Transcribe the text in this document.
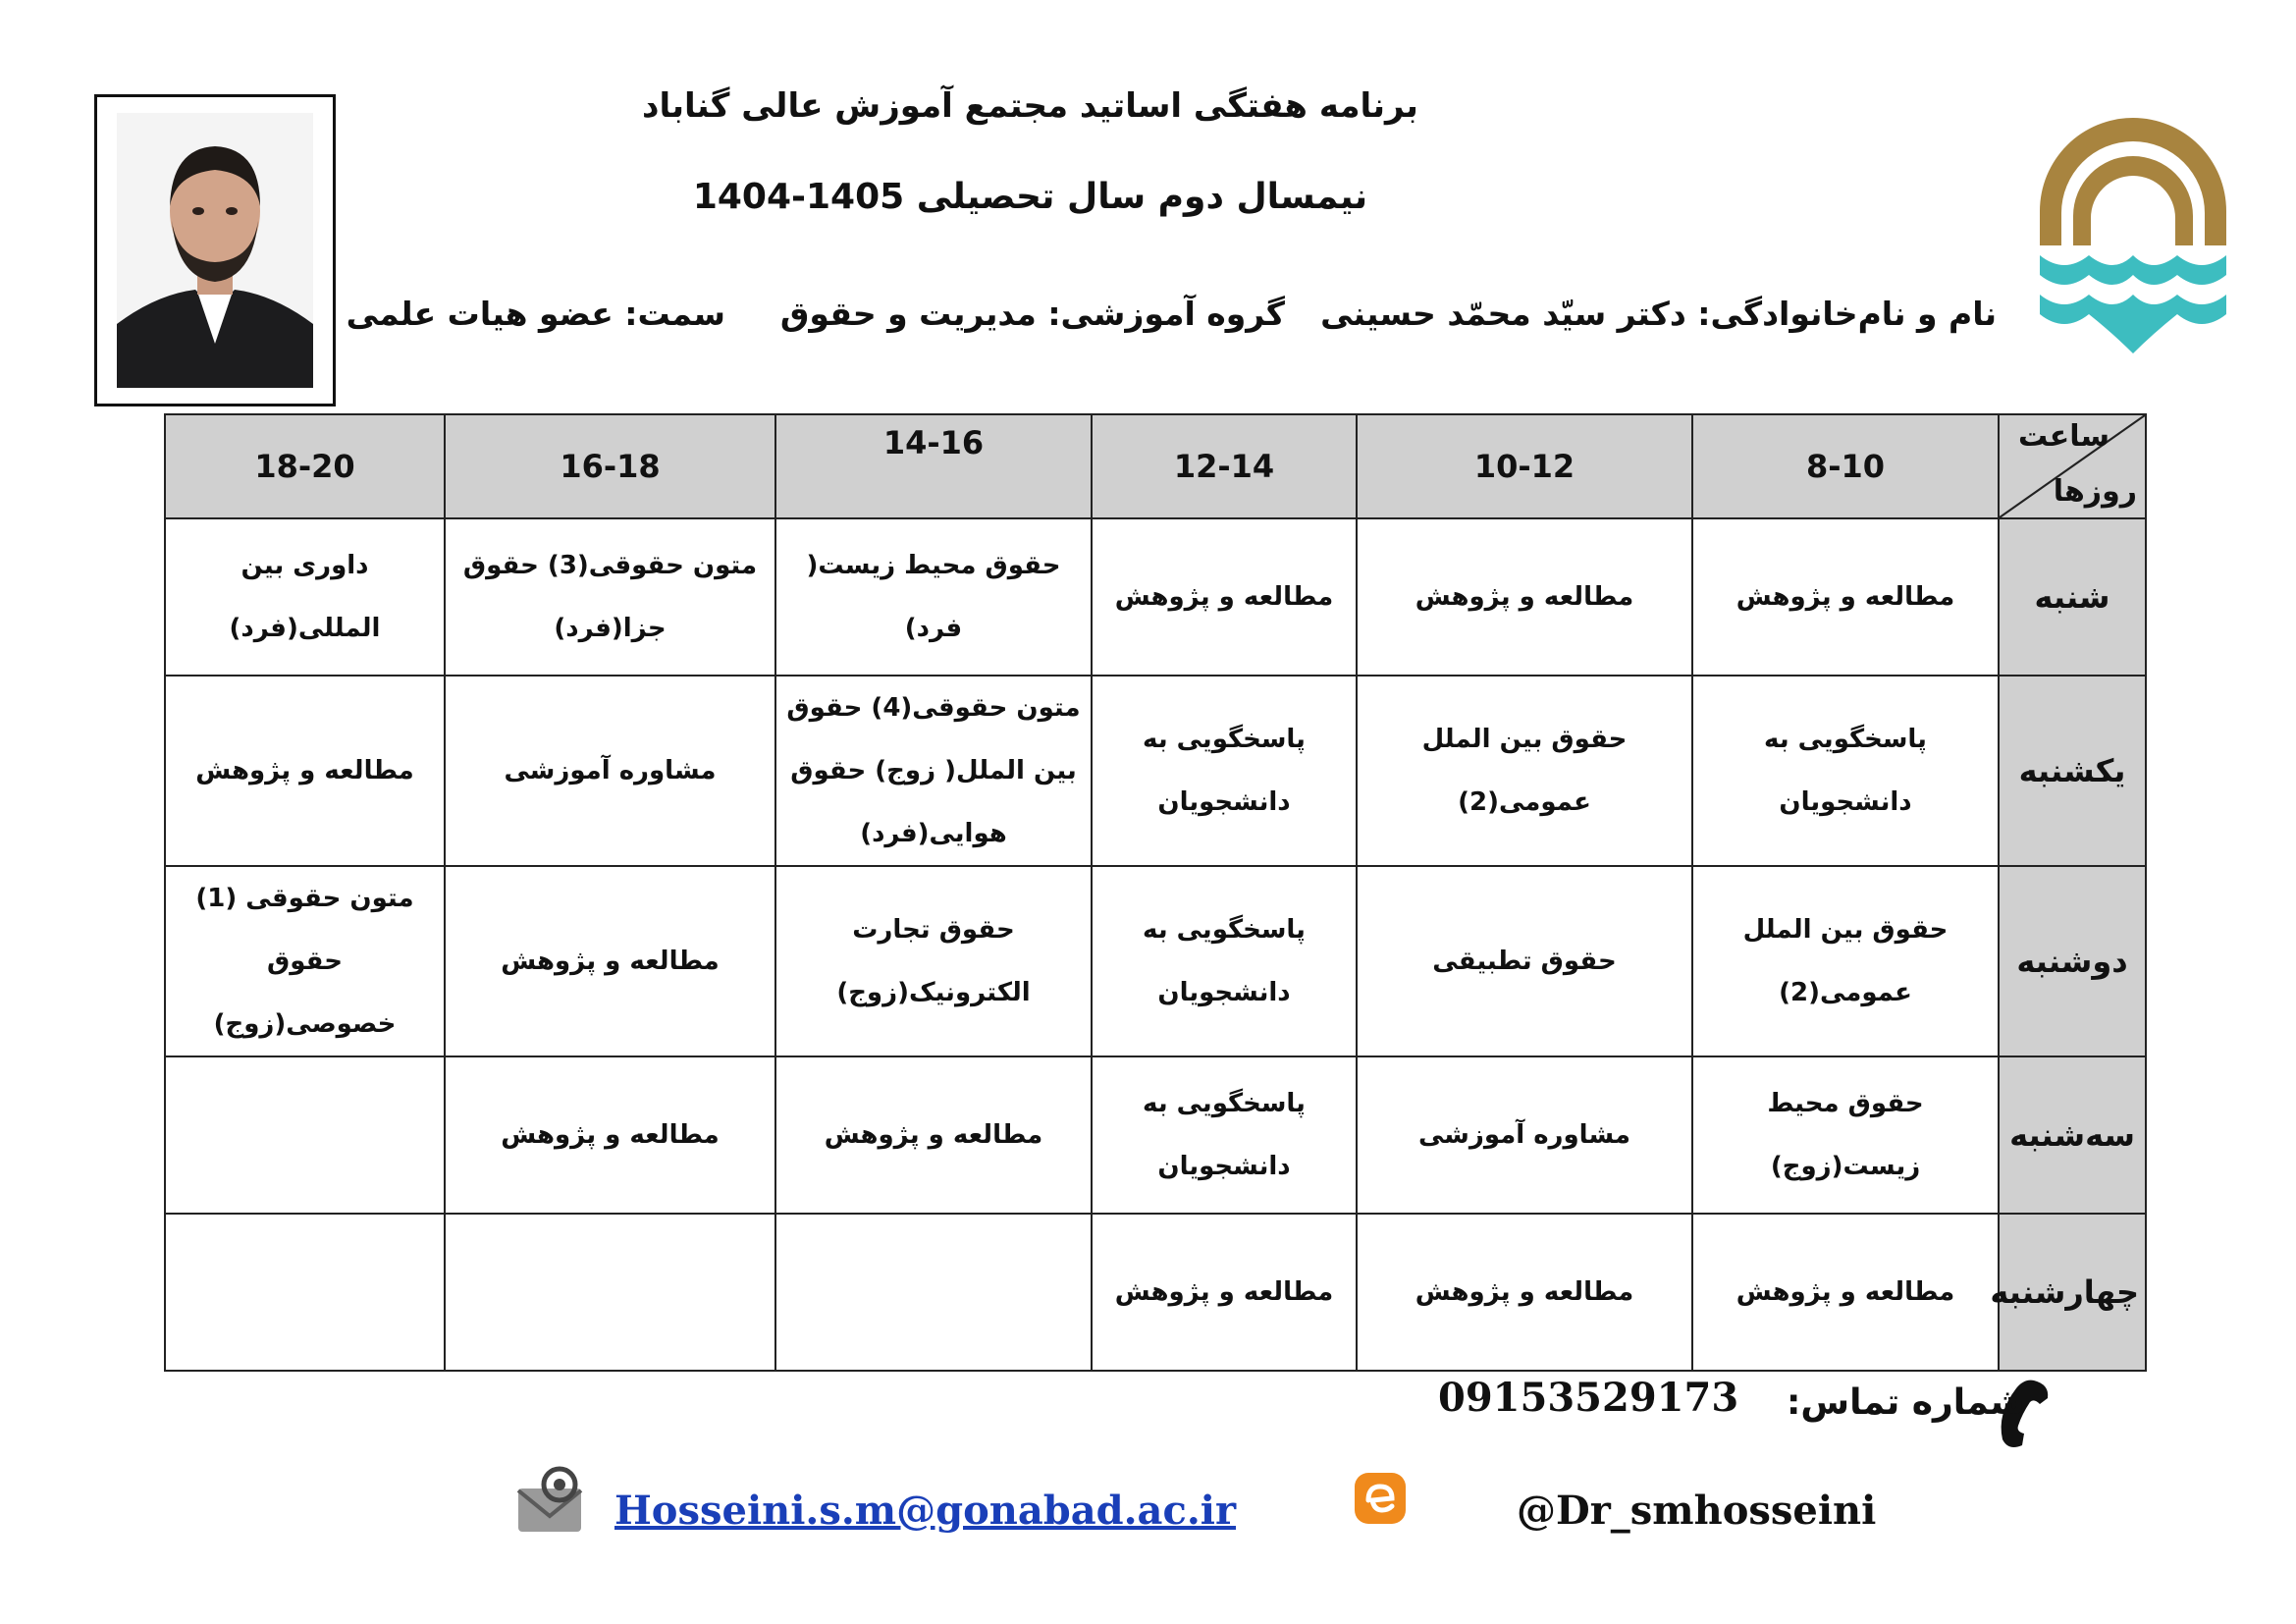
برنامه هفتگی اساتید مجتمع آموزش عالی گناباد
نیمسال دوم سال تحصیلی 1405-1404
نام و نام‌خانوادگی: دکتر سیّد محمّد حسینی
گروه آموزشی: مدیریت و حقوق
سمت: عضو هیات علمی
ساعت
روزها	8-10	10-12	12-14	14-16	16-18	18-20
شنبه	مطالعه و پژوهش	مطالعه و پژوهش	مطالعه و پژوهش	حقوق محیط زیست( فرد)	متون حقوقی(3) حقوق جزا(فرد)	داوری بین المللی(فرد)
یکشنبه	پاسخگویی به دانشجویان	حقوق بین الملل عمومی(2)	پاسخگویی به دانشجویان	متون حقوقی(4) حقوق بین الملل( زوج) حقوق هوایی(فرد)	مشاوره آموزشی	مطالعه و پژوهش
دوشنبه	حقوق بین الملل عمومی(2)	حقوق تطبیقی	پاسخگویی به دانشجویان	حقوق تجارت الکترونیک(زوج)	مطالعه و پژوهش	متون حقوقی (1) حقوق خصوصی(زوج)
سه‌شنبه	حقوق محیط زیست(زوج)	مشاوره آموزشی	پاسخگویی به دانشجویان	مطالعه و پژوهش	مطالعه و پژوهش	
چهارشنبه	مطالعه و پژوهش	مطالعه و پژوهش	مطالعه و پژوهش			
شماره تماس:
09153529173
Hosseini.s.m@gonabad.ac.ir	@Dr_smhosseini
